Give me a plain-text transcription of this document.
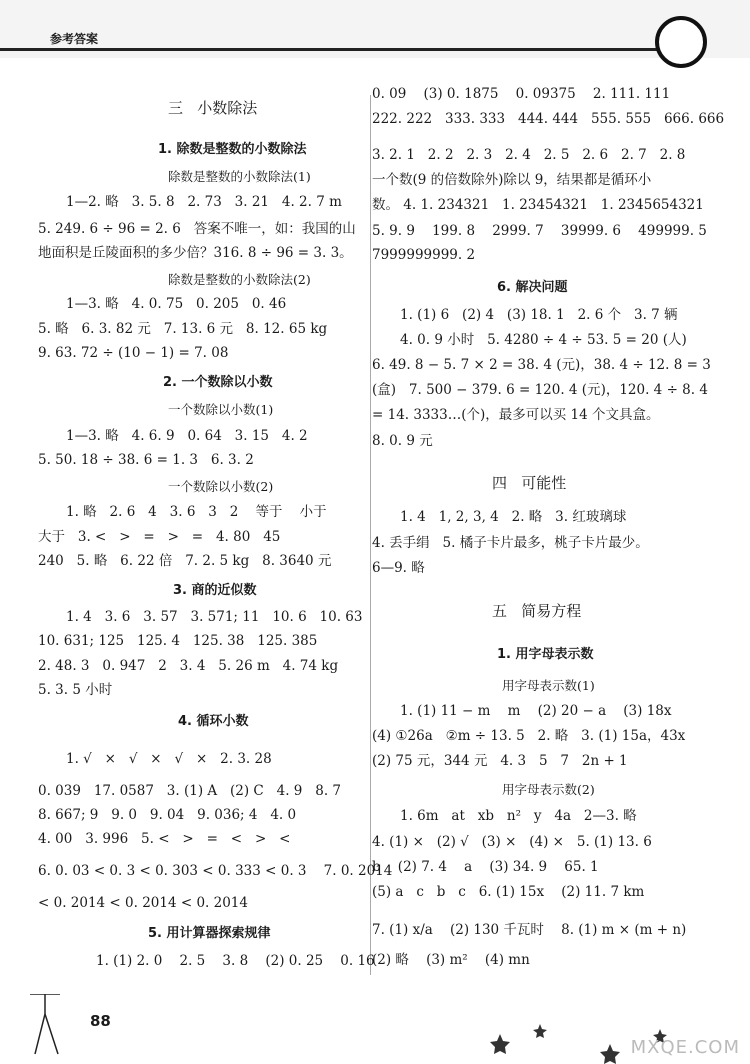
参考答案
三   小数除法
1. 除数是整数的小数除法
除数是整数的小数除法(1)
1—2. 略   3. 5. 8   2. 73   3. 21   4. 2. 7 m
5. 249. 6 ÷ 96 = 2. 6   答案不唯一，如：我国的山
地面积是丘陵面积的多少倍？316. 8 ÷ 96 = 3. 3。
除数是整数的小数除法(2)
1—3. 略   4. 0. 75   0. 205   0. 46
5. 略   6. 3. 82 元   7. 13. 6 元   8. 12. 65 kg
9. 63. 72 ÷ (10 − 1) = 7. 08
2. 一个数除以小数
一个数除以小数(1)
1—3. 略   4. 6. 9   0. 64   3. 15   4. 2
5. 50. 18 ÷ 38. 6 = 1. 3   6. 3. 2
一个数除以小数(2)
1. 略   2. 6   4   3. 6   3   2    等于    小于
大于   3. <   >   =   >   =   4. 80   45
240   5. 略   6. 22 倍   7. 2. 5 kg   8. 3640 元
3. 商的近似数
1. 4   3. 6   3. 57   3. 571; 11   10. 6   10. 63
10. 631; 125   125. 4   125. 38   125. 385
2. 48. 3   0. 947   2   3. 4   5. 26 m   4. 74 kg
5. 3. 5 小时
4. 循环小数
1. √   ×   √   ×   √   ×   2. 3. 28
0. 039   17. 0587   3. (1) A   (2) C   4. 9   8. 7
8. 667; 9   9. 0   9. 04   9. 036; 4   4. 0
4. 00   3. 996   5. <   >   =   <   >   <
6. 0. 03 < 0. 3 < 0. 303 < 0. 333 < 0. 3    7. 0. 2014
< 0. 2014 < 0. 2014 < 0. 2014
5. 用计算器探索规律
1. (1) 2. 0    2. 5    3. 8    (2) 0. 25    0. 16
0. 09    (3) 0. 1875    0. 09375    2. 111. 111
222. 222   333. 333   444. 444   555. 555   666. 666
3. 2. 1   2. 2   2. 3   2. 4   2. 5   2. 6   2. 7   2. 8
一个数(9 的倍数除外)除以 9，结果都是循环小
数。 4. 1. 234321   1. 23454321   1. 2345654321
5. 9. 9    199. 8    2999. 7    39999. 6    499999. 5
7999999999. 2
6. 解决问题
1. (1) 6   (2) 4   (3) 18. 1   2. 6 个   3. 7 辆
4. 0. 9 小时   5. 4280 ÷ 4 ÷ 53. 5 = 20 (人)
6. 49. 8 − 5. 7 × 2 = 38. 4 (元)，38. 4 ÷ 12. 8 = 3
(盒)   7. 500 − 379. 6 = 120. 4 (元)，120. 4 ÷ 8. 4
= 14. 3333…(个)，最多可以买 14 个文具盒。
8. 0. 9 元
四   可能性
1. 4   1, 2, 3, 4   2. 略   3. 红玻璃球
4. 丢手绢   5. 橘子卡片最多，桃子卡片最少。
6—9. 略
五   简易方程
1. 用字母表示数
用字母表示数(1)
1. (1) 11 − m    m    (2) 20 − a    (3) 18x
(4) ①26a   ②m ÷ 13. 5   2. 略   3. (1) 15a，43x
(2) 75 元，344 元   4. 3   5   7   2n + 1
用字母表示数(2)
1. 6m   at   xb   n²   y   4a   2—3. 略
4. (1) ×   (2) √   (3) ×   (4) ×   5. (1) 13. 6
b    (2) 7. 4    a    (3) 34. 9    65. 1
(5) a   c   b   c   6. (1) 15x    (2) 11. 7 km
7. (1) x/a    (2) 130 千瓦时    8. (1) m × (m + n)
(2) 略    (3) m²    (4) mn
88
MXQE.COM
